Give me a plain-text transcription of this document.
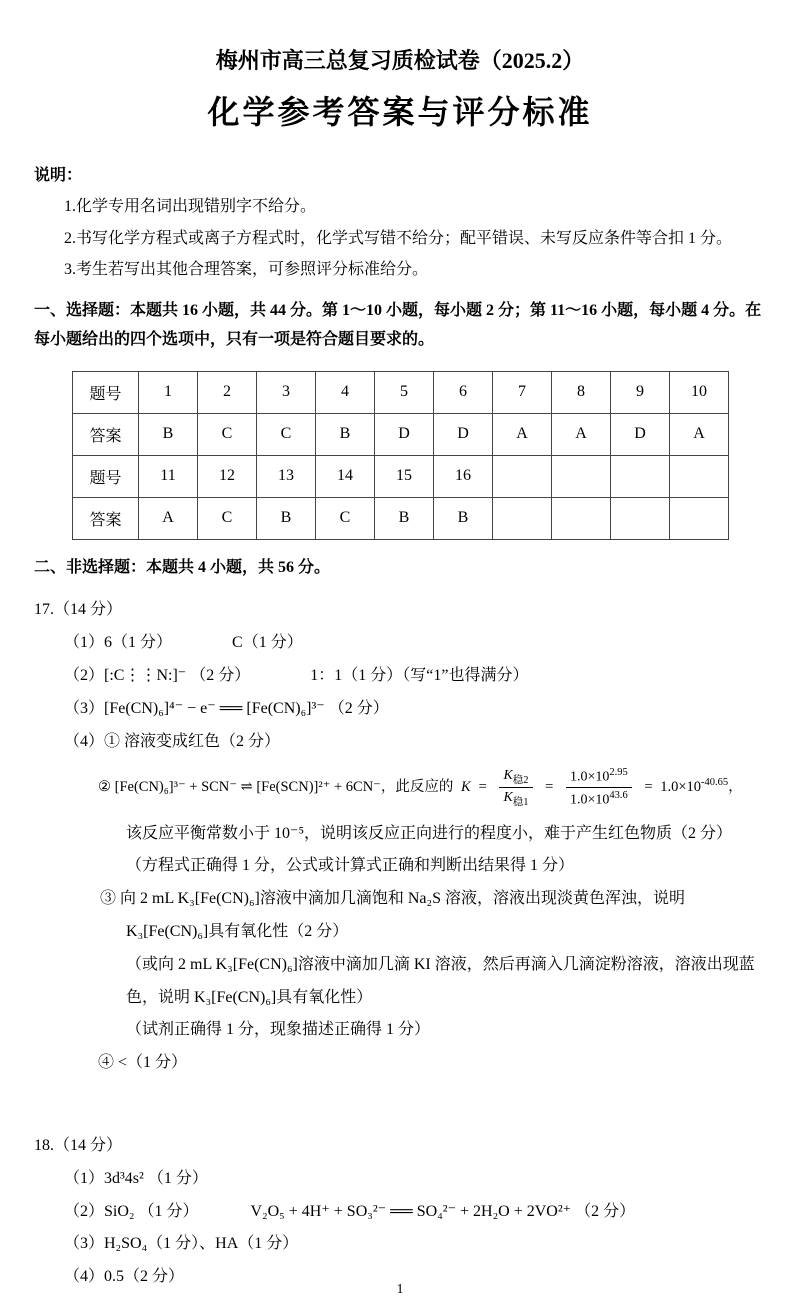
梅州市高三总复习质检试卷（2025.2）
化学参考答案与评分标准
说明：
1.化学专用名词出现错别字不给分。
2.书写化学方程式或离子方程式时，化学式写错不给分；配平错误、未写反应条件等合扣 1 分。
3.考生若写出其他合理答案，可参照评分标准给分。
一、选择题：本题共 16 小题，共 44 分。第 1～10 小题，每小题 2 分；第 11～16 小题，每小题 4 分。在每小题给出的四个选项中，只有一项是符合题目要求的。
题号	1	2	3	4	5	6	7	8	9	10
答案	B	C	C	B	D	D	A	A	D	A
题号	11	12	13	14	15	16				
答案	A	C	B	C	B	B				
二、非选择题：本题共 4 小题，共 56 分。
17.（14 分）
（1）6（1 分）	C（1 分）
（2）[:C⋮⋮N:]⁻ （2 分）	1：1（1 分）（写“1”也得满分）
（3）[Fe(CN)₆]⁴⁻ − e⁻ ══ [Fe(CN)₆]³⁻ （2 分）
（4）① 溶液变成红色（2 分）
② [Fe(CN)₆]³⁻ + SCN⁻ ⇌ [Fe(SCN)]²⁺ + 6CN⁻，此反应的 $K = \frac{K_{稳2}}{K_{稳1}} = \frac{1.0\times 10^{2.95}}{1.0\times 10^{43.6}} = 1.0\times 10^{-40.65}$，
该反应平衡常数小于 10⁻⁵，说明该反应正向进行的程度小，难于产生红色物质（2 分）
（方程式正确得 1 分，公式或计算式正确和判断出结果得 1 分）
③ 向 2 mL K₃[Fe(CN)₆]溶液中滴加几滴饱和 Na₂S 溶液，溶液出现淡黄色浑浊，说明 K₃[Fe(CN)₆]具有氧化性（2 分）
（或向 2 mL K₃[Fe(CN)₆]溶液中滴加几滴 KI 溶液，然后再滴入几滴淀粉溶液，溶液出现蓝色，说明 K₃[Fe(CN)₆]具有氧化性）
（试剂正确得 1 分，现象描述正确得 1 分）
④ <（1 分）
18.（14 分）
（1）3d³4s² （1 分）
（2）SiO₂ （1 分）	V₂O₅ + 4H⁺ + SO₃²⁻ ══ SO₄²⁻ + 2H₂O + 2VO²⁺ （2 分）
（3）H₂SO₄（1 分）、HA（1 分）
（4）0.5（2 分）
1
